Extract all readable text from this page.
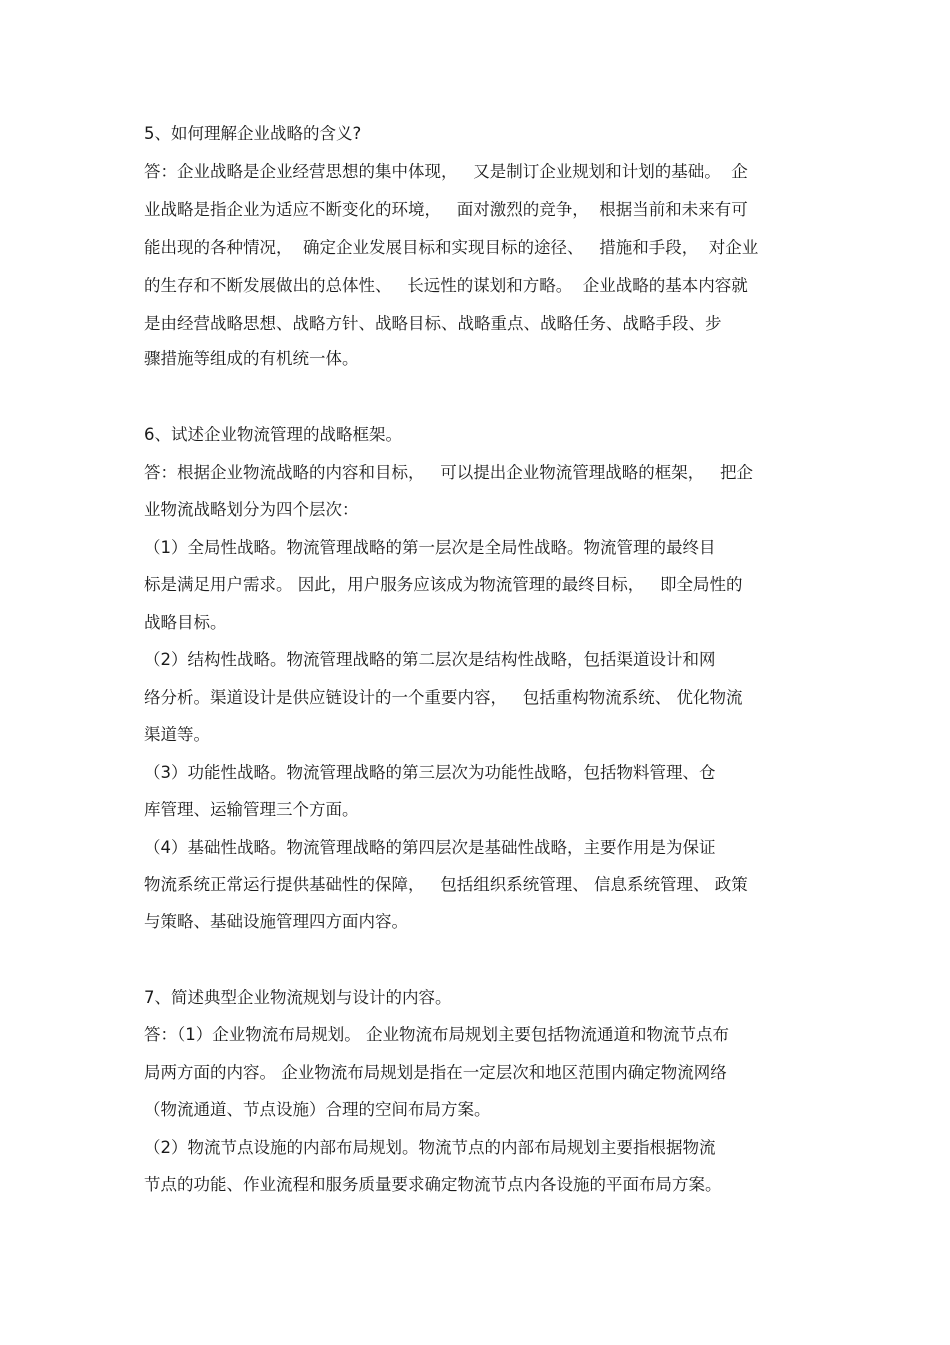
5、如何理解企业战略的含义?
答：企业战略是企业经营思想的集中体现，   又是制订企业规划和计划的基础。  企
业战略是指企业为适应不断变化的环境，   面对激烈的竞争，  根据当前和未来有可
能出现的各种情况，  确定企业发展目标和实现目标的途径、   措施和手段，  对企业
的生存和不断发展做出的总体性、   长远性的谋划和方略。  企业战略的基本内容就
是由经营战略思想、战略方针、战略目标、战略重点、战略任务、战略手段、步
骤措施等组成的有机统一体。
6、试述企业物流管理的战略框架。
答：根据企业物流战略的内容和目标，   可以提出企业物流管理战略的框架，   把企
业物流战略划分为四个层次：
（1）全局性战略。物流管理战略的第一层次是全局性战略。物流管理的最终目
标是满足用户需求。 因此，用户服务应该成为物流管理的最终目标，   即全局性的
战略目标。
（2）结构性战略。物流管理战略的第二层次是结构性战略，包括渠道设计和网
络分析。渠道设计是供应链设计的一个重要内容，   包括重构物流系统、 优化物流
渠道等。
（3）功能性战略。物流管理战略的第三层次为功能性战略，包括物料管理、仓
库管理、运输管理三个方面。
（4）基础性战略。物流管理战略的第四层次是基础性战略，主要作用是为保证
物流系统正常运行提供基础性的保障，   包括组织系统管理、 信息系统管理、 政策
与策略、基础设施管理四方面内容。
7、简述典型企业物流规划与设计的内容。
答：（1）企业物流布局规划。 企业物流布局规划主要包括物流通道和物流节点布
局两方面的内容。 企业物流布局规划是指在一定层次和地区范围内确定物流网络
（物流通道、节点设施）合理的空间布局方案。
（2）物流节点设施的内部布局规划。物流节点的内部布局规划主要指根据物流
节点的功能、作业流程和服务质量要求确定物流节点内各设施的平面布局方案。
